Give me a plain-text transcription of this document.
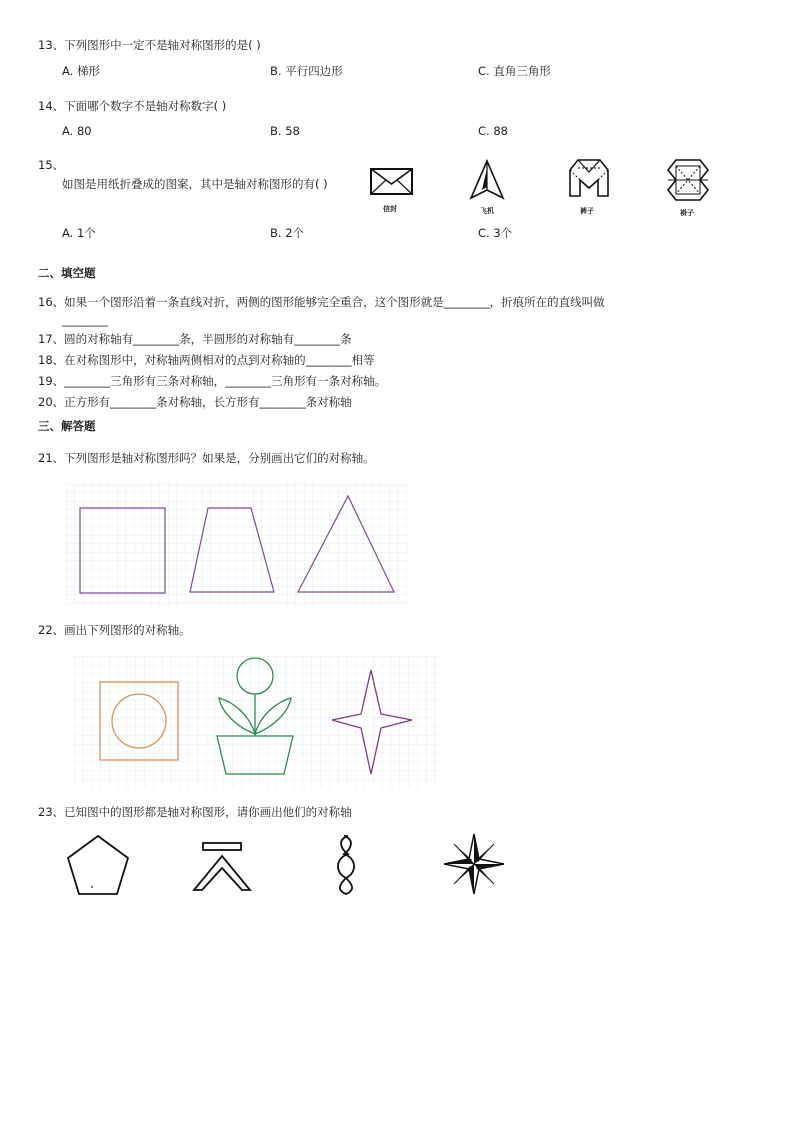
13、下列图形中一定不是轴对称图形的是( )
A. 梯形	B. 平行四边形	C. 直角三角形
14、下面哪个数字不是轴对称数字( )
A. 80	B. 58	C. 88
15、
如图是用纸折叠成的图案，其中是轴对称图形的有( )
信封	飞机	裤子	褂子
A. 1个	B. 2个	C. 3个
二、填空题
16、如果一个图形沿着一条直线对折，两侧的图形能够完全重合，这个图形就是________，折痕所在的直线叫做
________
17、圆的对称轴有________条，半圆形的对称轴有________条
18、在对称图形中，对称轴两侧相对的点到对称轴的________相等
19、________三角形有三条对称轴，________三角形有一条对称轴。
20、正方形有________条对称轴，长方形有________条对称轴
三、解答题
21、下列图形是轴对称图形吗？如果是，分别画出它们的对称轴。
22、画出下列图形的对称轴。
23、已知图中的图形都是轴对称图形，请你画出他们的对称轴
